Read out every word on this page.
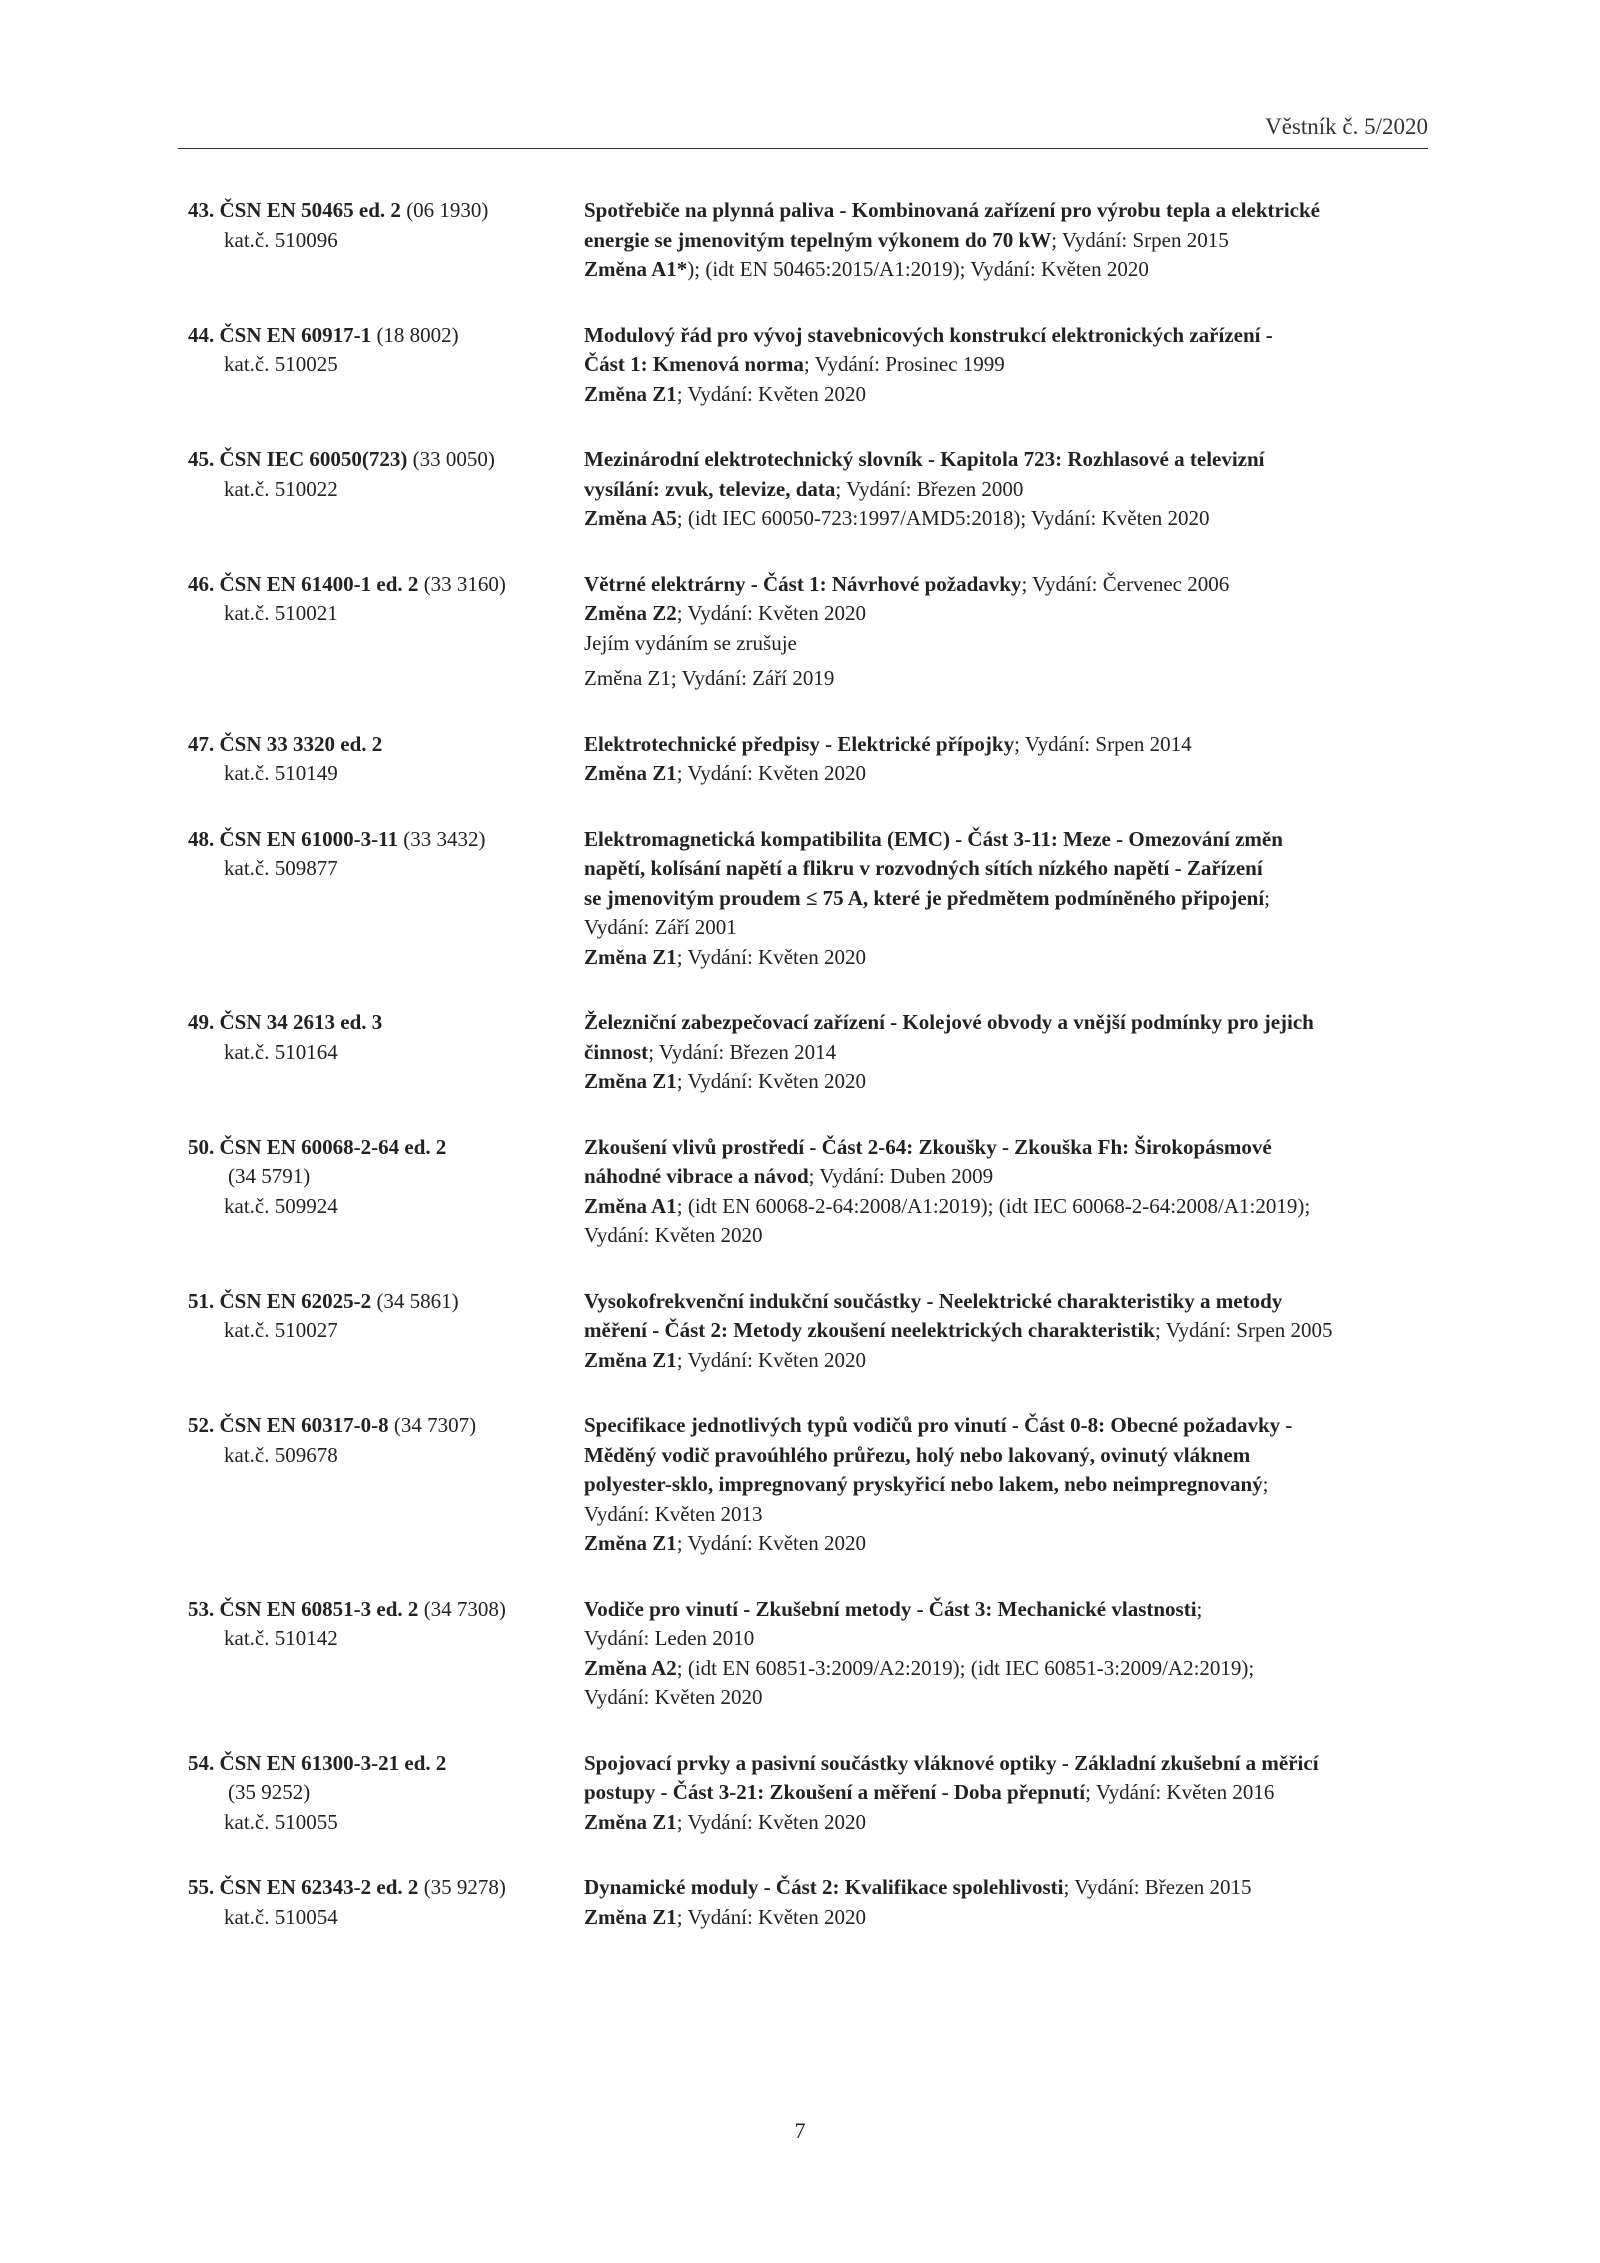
Věstník č. 5/2020
43. ČSN EN 50465 ed. 2 (06 1930)
kat.č. 510096
Spotřebiče na plynná paliva - Kombinovaná zařízení pro výrobu tepla a elektrické
energie se jmenovitým tepelným výkonem do 70 kW; Vydání: Srpen 2015
Změna A1*); (idt EN 50465:2015/A1:2019); Vydání: Květen 2020
44. ČSN EN 60917-1 (18 8002)
kat.č. 510025
Modulový řád pro vývoj stavebnicových konstrukcí elektronických zařízení -
Část 1: Kmenová norma; Vydání: Prosinec 1999
Změna Z1; Vydání: Květen 2020
45. ČSN IEC 60050(723) (33 0050)
kat.č. 510022
Mezinárodní elektrotechnický slovník - Kapitola 723: Rozhlasové a televizní
vysílání: zvuk, televize, data; Vydání: Březen 2000
Změna A5; (idt IEC 60050-723:1997/AMD5:2018); Vydání: Květen 2020
46. ČSN EN 61400-1 ed. 2 (33 3160)
kat.č. 510021
Větrné elektrárny - Část 1: Návrhové požadavky; Vydání: Červenec 2006
Změna Z2; Vydání: Květen 2020
Jejím vydáním se zrušuje
Změna Z1; Vydání: Září 2019
47. ČSN 33 3320 ed. 2
kat.č. 510149
Elektrotechnické předpisy - Elektrické přípojky; Vydání: Srpen 2014
Změna Z1; Vydání: Květen 2020
48. ČSN EN 61000-3-11 (33 3432)
kat.č. 509877
Elektromagnetická kompatibilita (EMC) - Část 3-11: Meze - Omezování změn
napětí, kolísání napětí a flikru v rozvodných sítích nízkého napětí - Zařízení
se jmenovitým proudem ≤ 75 A, které je předmětem podmíněného připojení;
Vydání: Září 2001
Změna Z1; Vydání: Květen 2020
49. ČSN 34 2613 ed. 3
kat.č. 510164
Železniční zabezpečovací zařízení - Kolejové obvody a vnější podmínky pro jejich
činnost; Vydání: Březen 2014
Změna Z1; Vydání: Květen 2020
50. ČSN EN 60068-2-64 ed. 2
(34 5791)
kat.č. 509924
Zkoušení vlivů prostředí - Část 2-64: Zkoušky - Zkouška Fh: Širokopásmové
náhodné vibrace a návod; Vydání: Duben 2009
Změna A1; (idt EN 60068-2-64:2008/A1:2019); (idt IEC 60068-2-64:2008/A1:2019);
Vydání: Květen 2020
51. ČSN EN 62025-2 (34 5861)
kat.č. 510027
Vysokofrekvenční indukční součástky - Neelektrické charakteristiky a metody
měření - Část 2: Metody zkoušení neelektrických charakteristik; Vydání: Srpen 2005
Změna Z1; Vydání: Květen 2020
52. ČSN EN 60317-0-8 (34 7307)
kat.č. 509678
Specifikace jednotlivých typů vodičů pro vinutí - Část 0-8: Obecné požadavky -
Měděný vodič pravoúhlého průřezu, holý nebo lakovaný, ovinutý vláknem
polyester-sklo, impregnovaný pryskyřicí nebo lakem, nebo neimpregnovaný;
Vydání: Květen 2013
Změna Z1; Vydání: Květen 2020
53. ČSN EN 60851-3 ed. 2 (34 7308)
kat.č. 510142
Vodiče pro vinutí - Zkušební metody - Část 3: Mechanické vlastnosti;
Vydání: Leden 2010
Změna A2; (idt EN 60851-3:2009/A2:2019); (idt IEC 60851-3:2009/A2:2019);
Vydání: Květen 2020
54. ČSN EN 61300-3-21 ed. 2
(35 9252)
kat.č. 510055
Spojovací prvky a pasivní součástky vláknové optiky - Základní zkušební a měřicí
postupy - Část 3-21: Zkoušení a měření - Doba přepnutí; Vydání: Květen 2016
Změna Z1; Vydání: Květen 2020
55. ČSN EN 62343-2 ed. 2 (35 9278)
kat.č. 510054
Dynamické moduly - Část 2: Kvalifikace spolehlivosti; Vydání: Březen 2015
Změna Z1; Vydání: Květen 2020
7
